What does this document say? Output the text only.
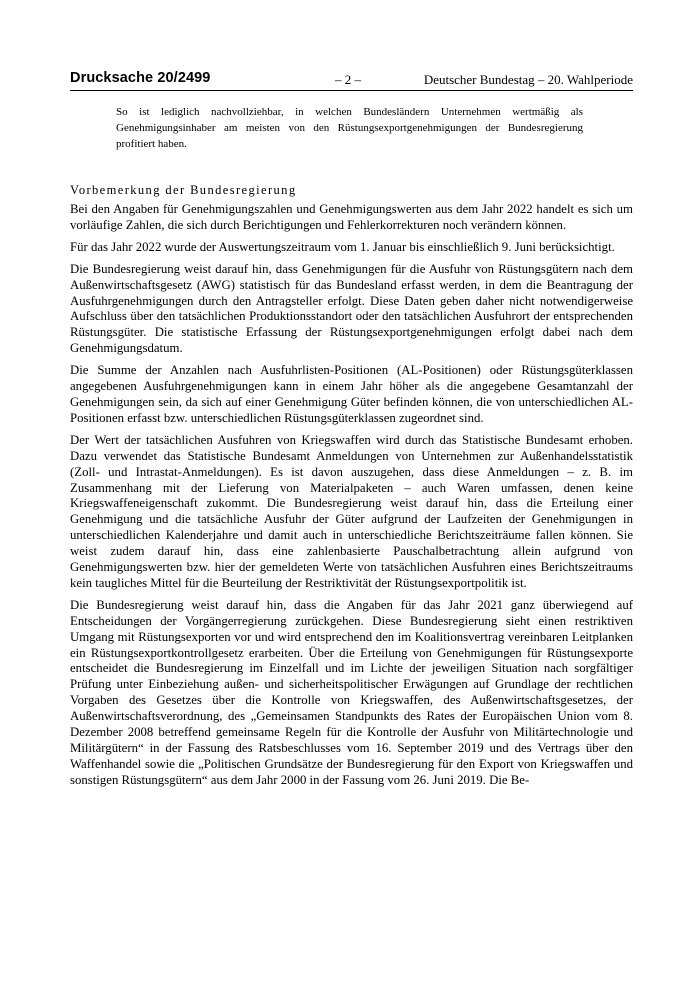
Drucksache 20/2499	– 2 –	Deutscher Bundestag – 20. Wahlperiode
So ist lediglich nachvollziehbar, in welchen Bundesländern Unternehmen wertmäßig als Genehmigungsinhaber am meisten von den Rüstungsexportgenehmigungen der Bundesregierung profitiert haben.
Vorbemerkung der Bundesregierung

Bei den Angaben für Genehmigungszahlen und Genehmigungswerten aus dem Jahr 2022 handelt es sich um vorläufige Zahlen, die sich durch Berichtigungen und Fehlerkorrekturen noch verändern können.

Für das Jahr 2022 wurde der Auswertungszeitraum vom 1. Januar bis einschließlich 9. Juni berücksichtigt.

Die Bundesregierung weist darauf hin, dass Genehmigungen für die Ausfuhr von Rüstungsgütern nach dem Außenwirtschaftsgesetz (AWG) statistisch für das Bundesland erfasst werden, in dem die Beantragung der Ausfuhrgenehmigungen durch den Antragsteller erfolgt. Diese Daten geben daher nicht notwendigerweise Aufschluss über den tatsächlichen Produktionsstandort oder den tatsächlichen Ausfuhrort der entsprechenden Rüstungsgüter. Die statistische Erfassung der Rüstungsexportgenehmigungen erfolgt dabei nach dem Genehmigungsdatum.

Die Summe der Anzahlen nach Ausfuhrlisten-Positionen (AL-Positionen) oder Rüstungsgüterklassen angegebenen Ausfuhrgenehmigungen kann in einem Jahr höher als die angegebene Gesamtanzahl der Genehmigungen sein, da sich auf einer Genehmigung Güter befinden können, die von unterschiedlichen AL-Positionen erfasst bzw. unterschiedlichen Rüstungsgüterklassen zugeordnet sind.

Der Wert der tatsächlichen Ausfuhren von Kriegswaffen wird durch das Statistische Bundesamt erhoben. Dazu verwendet das Statistische Bundesamt Anmeldungen von Unternehmen zur Außenhandelsstatistik (Zoll- und Intrastat-Anmeldungen). Es ist davon auszugehen, dass diese Anmeldungen – z. B. im Zusammenhang mit der Lieferung von Materialpaketen – auch Waren umfassen, denen keine Kriegswaffeneigenschaft zukommt. Die Bundesregierung weist darauf hin, dass die Erteilung einer Genehmigung und die tatsächliche Ausfuhr der Güter aufgrund der Laufzeiten der Genehmigungen in unterschiedlichen Kalenderjahre und damit auch in unterschiedliche Berichtszeiträume fallen können. Sie weist zudem darauf hin, dass eine zahlenbasierte Pauschalbetrachtung allein aufgrund von Genehmigungswerten bzw. hier der gemeldeten Werte von tatsächlichen Ausfuhren eines Berichtszeitraums kein taugliches Mittel für die Beurteilung der Restriktivität der Rüstungsexportpolitik ist.

Die Bundesregierung weist darauf hin, dass die Angaben für das Jahr 2021 ganz überwiegend auf Entscheidungen der Vorgängerregierung zurückgehen. Diese Bundesregierung sieht einen restriktiven Umgang mit Rüstungsexporten vor und wird entsprechend den im Koalitionsvertrag vereinbaren Leitplanken ein Rüstungsexportkontrollgesetz erarbeiten. Über die Erteilung von Genehmigungen für Rüstungsexporte entscheidet die Bundesregierung im Einzelfall und im Lichte der jeweiligen Situation nach sorgfältiger Prüfung unter Einbeziehung außen- und sicherheitspolitischer Erwägungen auf Grundlage der rechtlichen Vorgaben des Gesetzes über die Kontrolle von Kriegswaffen, des Außenwirtschaftsgesetzes, der Außenwirtschaftsverordnung, des „Gemeinsamen Standpunkts des Rates der Europäischen Union vom 8. Dezember 2008 betreffend gemeinsame Regeln für die Kontrolle der Ausfuhr von Militärtechnologie und Militärgütern“ in der Fassung des Ratsbeschlusses vom 16. September 2019 und des Vertrags über den Waffenhandel sowie die „Politischen Grundsätze der Bundesregierung für den Export von Kriegswaffen und sonstigen Rüstungsgütern“ aus dem Jahr 2000 in der Fassung vom 26. Juni 2019. Die Be-
